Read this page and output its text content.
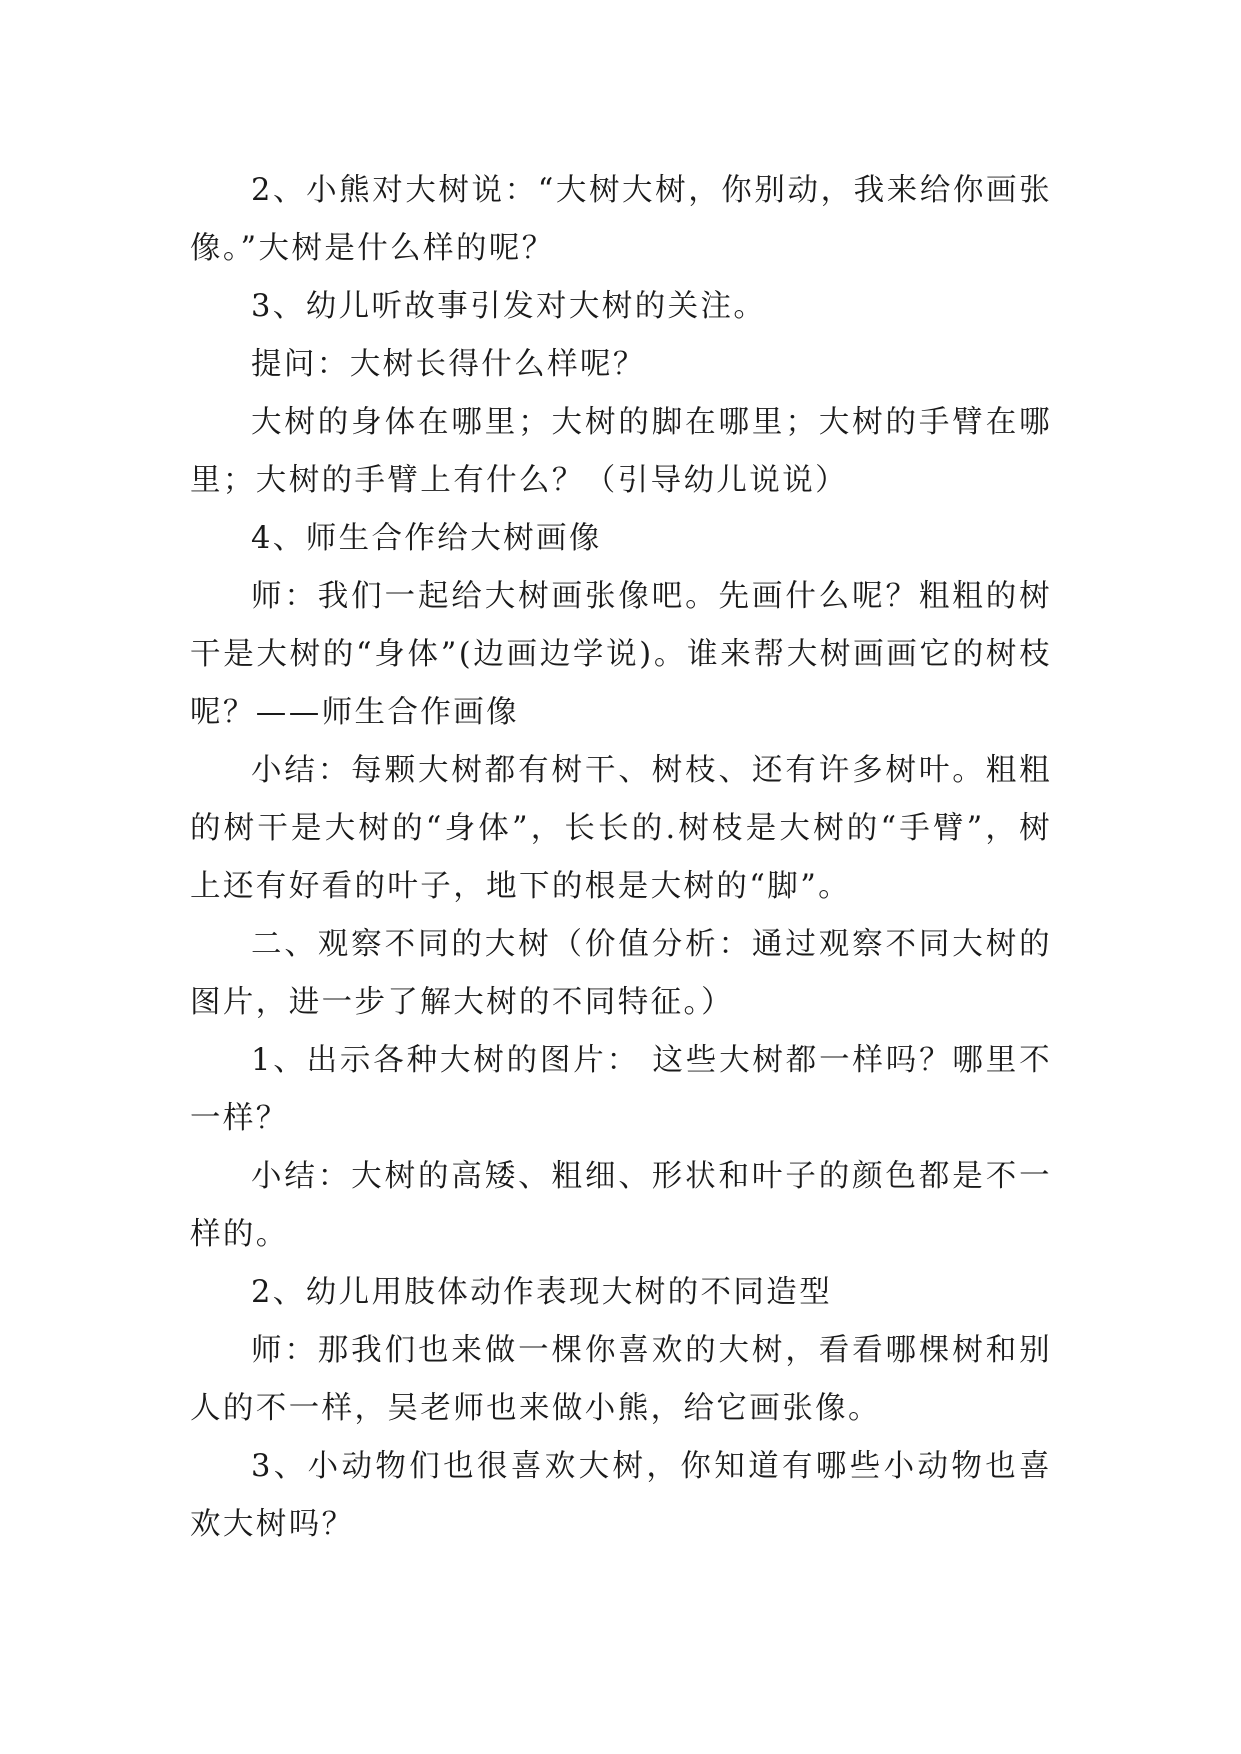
2、小熊对大树说：“大树大树，你别动，我来给你画张像。”大树是什么样的呢？

3、幼儿听故事引发对大树的关注。

提问：大树长得什么样呢？

大树的身体在哪里；大树的脚在哪里；大树的手臂在哪里；大树的手臂上有什么？（引导幼儿说说）

4、师生合作给大树画像

师：我们一起给大树画张像吧。先画什么呢？粗粗的树干是大树的“身体”(边画边学说)。谁来帮大树画画它的树枝呢？——师生合作画像

小结：每颗大树都有树干、树枝、还有许多树叶。粗粗的树干是大树的“身体”，长长的.树枝是大树的“手臂”，树上还有好看的叶子，地下的根是大树的“脚”。

二、观察不同的大树（价值分析：通过观察不同大树的图片，进一步了解大树的不同特征。）

1、出示各种大树的图片： 这些大树都一样吗？哪里不一样？

小结：大树的高矮、粗细、形状和叶子的颜色都是不一样的。

2、幼儿用肢体动作表现大树的不同造型

师：那我们也来做一棵你喜欢的大树，看看哪棵树和别人的不一样，吴老师也来做小熊，给它画张像。

3、小动物们也很喜欢大树，你知道有哪些小动物也喜欢大树吗？
